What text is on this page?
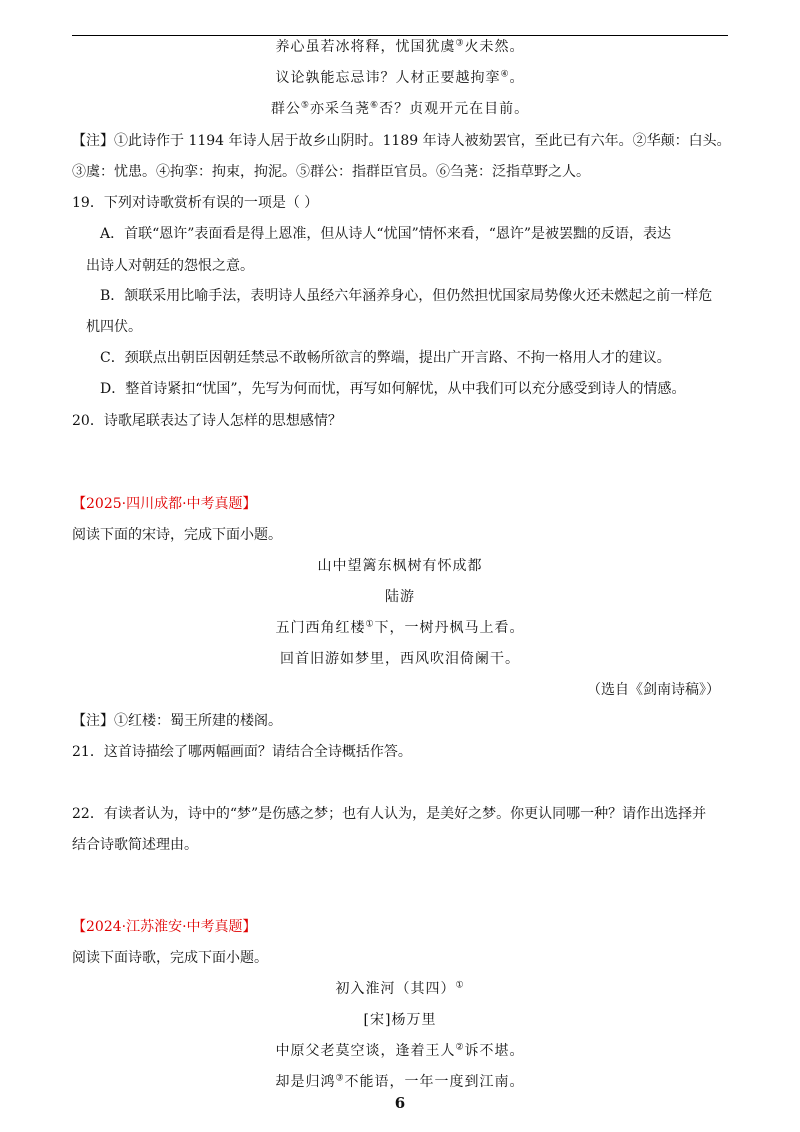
养心虽若冰将释，忧国犹虞③火未然。
议论孰能忘忌讳？人材正要越拘挛④。
群公⑤亦采刍荛⑥否？贞观开元在目前。
【注】①此诗作于 1194 年诗人居于故乡山阴时。1189 年诗人被劾罢官，至此已有六年。②华颠：白头。
③虞：忧患。④拘挛：拘束，拘泥。⑤群公：指群臣官员。⑥刍荛：泛指草野之人。
19．下列对诗歌赏析有误的一项是（ ）
A．首联“恩许”表面看是得上恩准，但从诗人“忧国”情怀来看，“恩许”是被罢黜的反语，表达
出诗人对朝廷的怨恨之意。
B．颔联采用比喻手法，表明诗人虽经六年涵养身心，但仍然担忧国家局势像火还未燃起之前一样危
机四伏。
C．颈联点出朝臣因朝廷禁忌不敢畅所欲言的弊端，提出广开言路、不拘一格用人才的建议。
D．整首诗紧扣“忧国”，先写为何而忧，再写如何解忧，从中我们可以充分感受到诗人的情感。
20．诗歌尾联表达了诗人怎样的思想感情？
【2025·四川成都·中考真题】
阅读下面的宋诗，完成下面小题。
山中望篱东枫树有怀成都
陆游
五门西角红楼①下，一树丹枫马上看。
回首旧游如梦里，西风吹泪倚阑干。
（选自《剑南诗稿》）
【注】①红楼：蜀王所建的楼阁。
21．这首诗描绘了哪两幅画面？请结合全诗概括作答。
22．有读者认为，诗中的“梦”是伤感之梦；也有人认为，是美好之梦。你更认同哪一种？请作出选择并
结合诗歌简述理由。
【2024·江苏淮安·中考真题】
阅读下面诗歌，完成下面小题。
初入淮河（其四）①
[宋]杨万里
中原父老莫空谈，逢着王人②诉不堪。
却是归鸿③不能语，一年一度到江南。
6
